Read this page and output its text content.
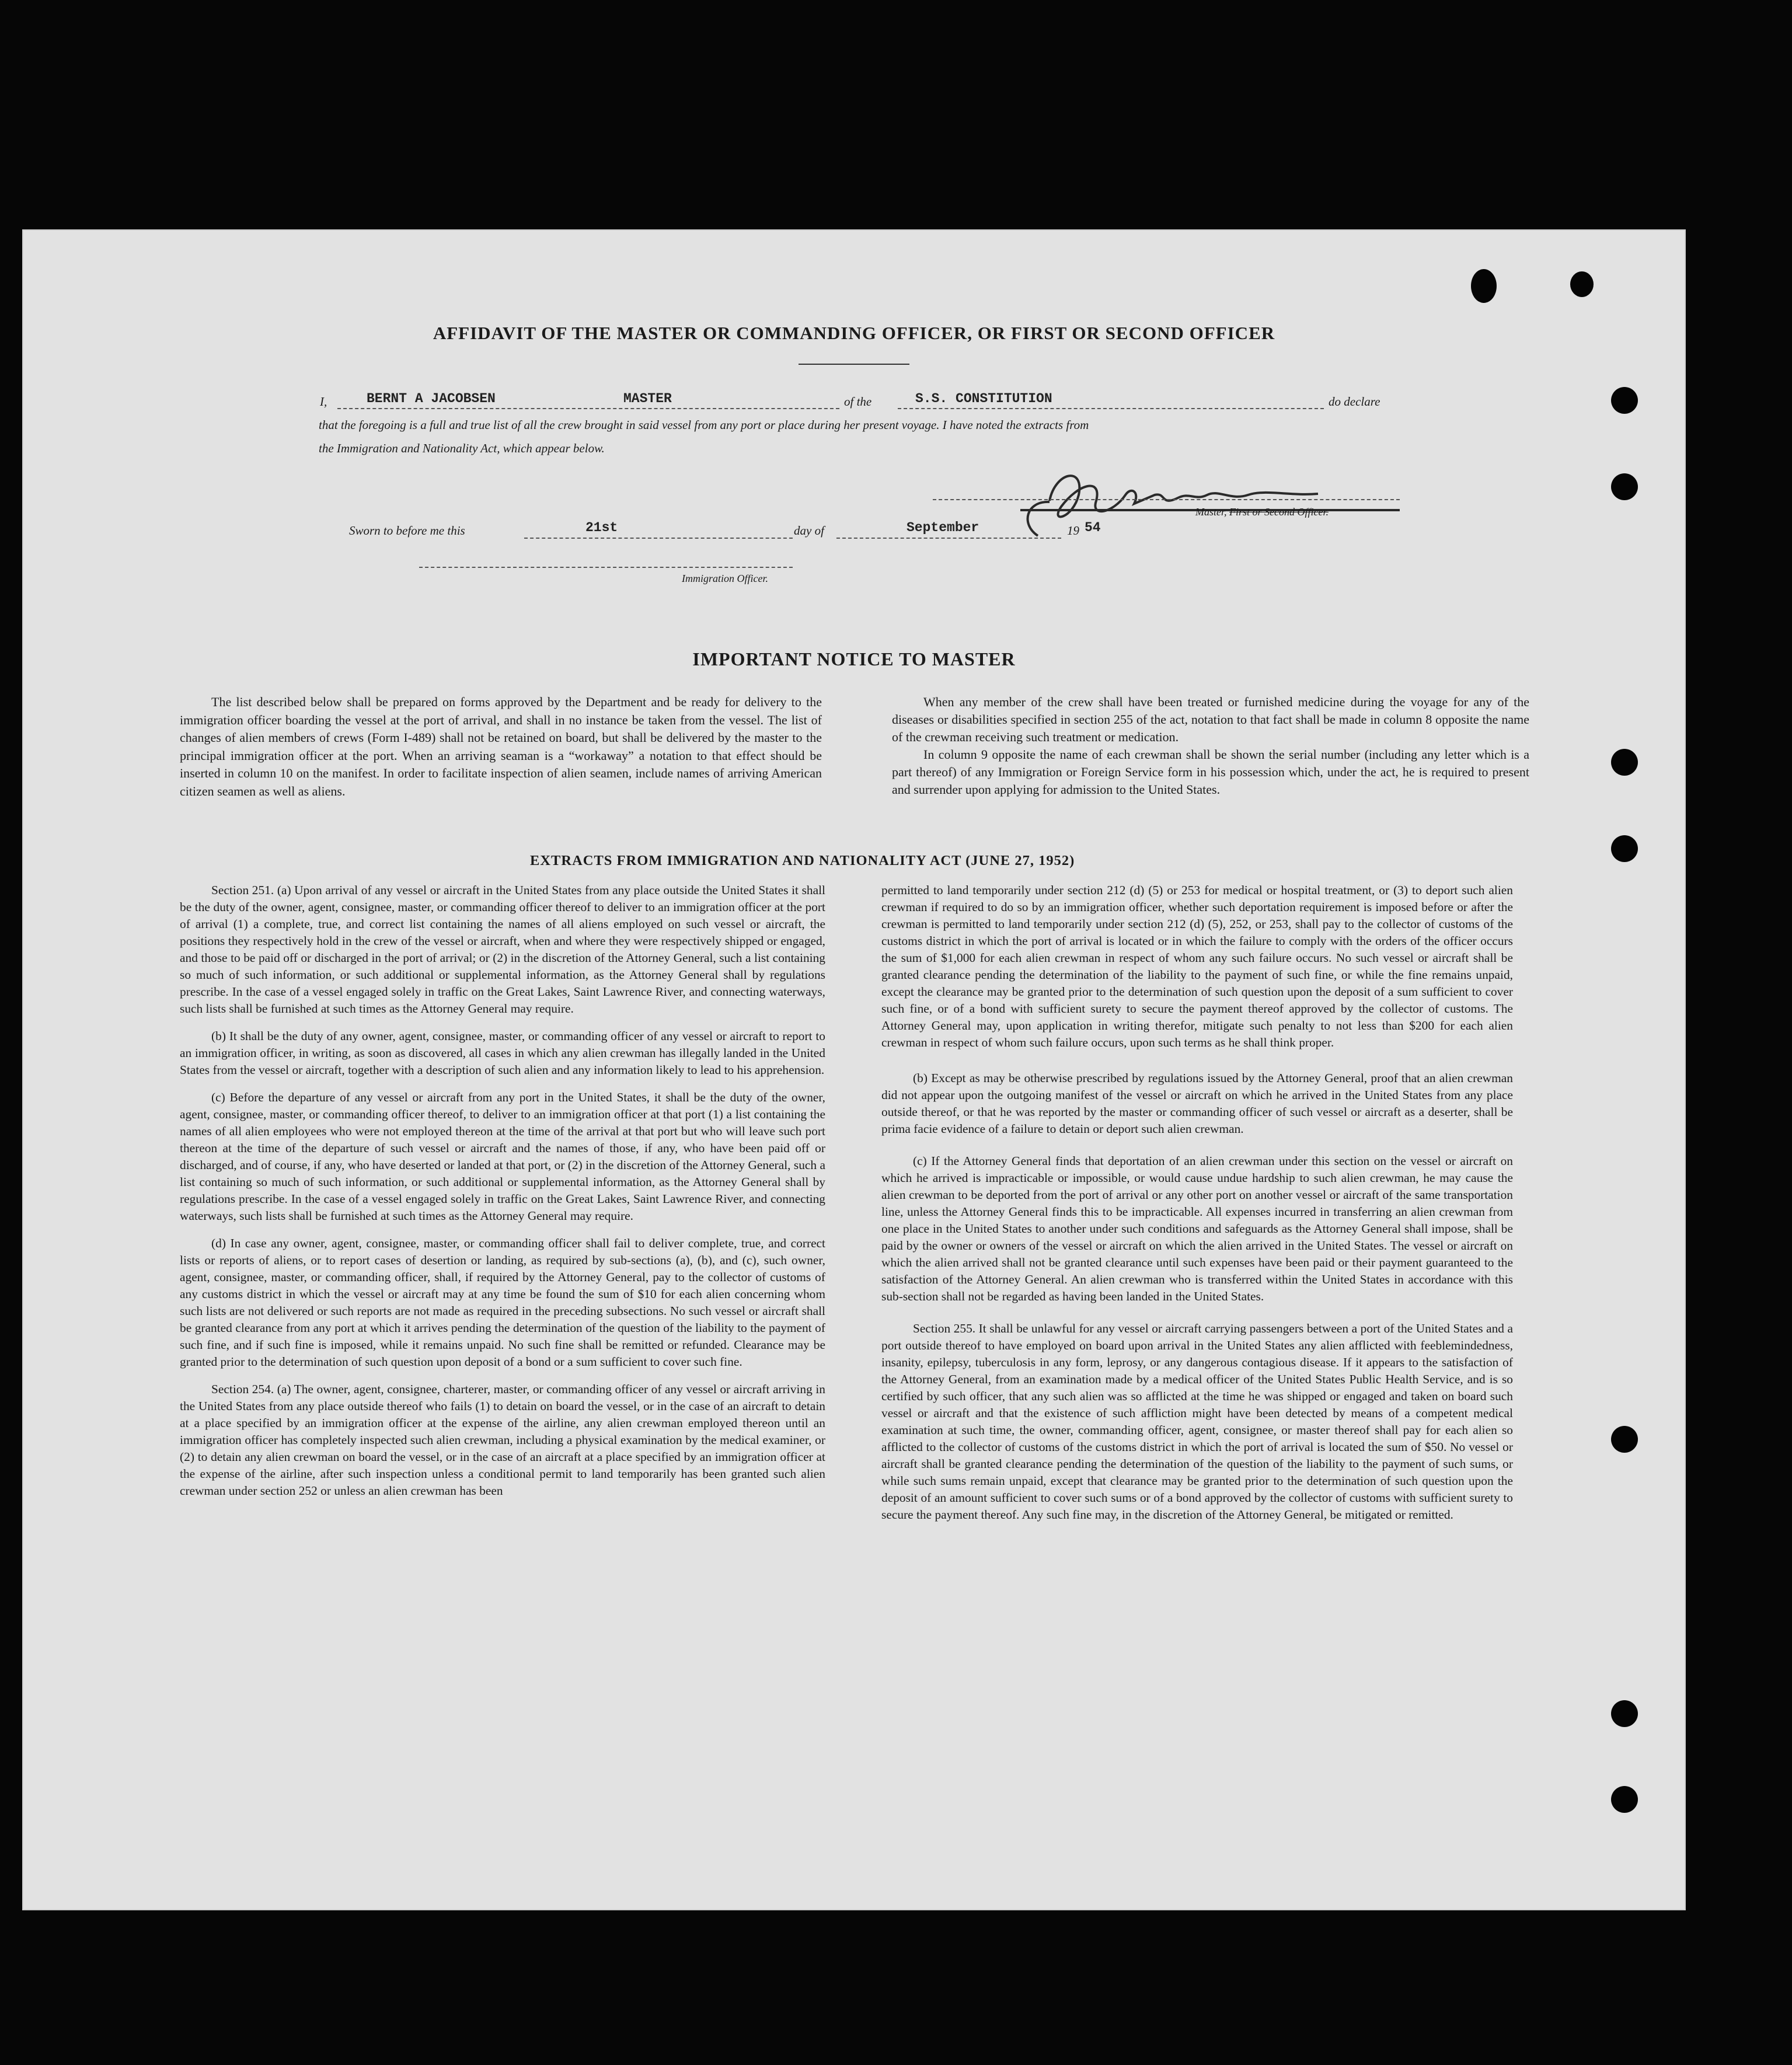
AFFIDAVIT OF THE MASTER OR COMMANDING OFFICER, OR FIRST OR SECOND OFFICER
I,	BERNT A JACOBSEN	MASTER	of the	S.S. CONSTITUTION	do declare
that the foregoing is a full and true list of all the crew brought in said vessel from any port or place during her present voyage. I have noted the extracts from
the Immigration and Nationality Act, which appear below.
Master, First or Second Officer.
Sworn to before me this	21st	day of	September	19 54
Immigration Officer.
IMPORTANT NOTICE TO MASTER

The list described below shall be prepared on forms approved by the Department and be ready for delivery to the immigration officer boarding the vessel at the port of arrival, and shall in no instance be taken from the vessel. The list of changes of alien members of crews (Form I-489) shall not be retained on board, but shall be delivered by the master to the principal immigration officer at the port. When an arriving seaman is a “workaway” a notation to that effect should be inserted in column 10 on the manifest. In order to facilitate inspection of alien seamen, include names of arriving American citizen seamen as well as aliens.

When any member of the crew shall have been treated or furnished medicine during the voyage for any of the diseases or disabilities specified in section 255 of the act, notation to that fact shall be made in column 8 opposite the name of the crewman receiving such treatment or medication.

In column 9 opposite the name of each crewman shall be shown the serial number (including any letter which is a part thereof) of any Immigration or Foreign Service form in his possession which, under the act, he is required to present and surrender upon applying for admission to the United States.

EXTRACTS FROM IMMIGRATION AND NATIONALITY ACT (JUNE 27, 1952)

Section 251. (a) Upon arrival of any vessel or aircraft in the United States from any place outside the United States it shall be the duty of the owner, agent, consignee, master, or commanding officer thereof to deliver to an immigration officer at the port of arrival (1) a complete, true, and correct list containing the names of all aliens employed on such vessel or aircraft, the positions they respectively hold in the crew of the vessel or aircraft, when and where they were respectively shipped or engaged, and those to be paid off or discharged in the port of arrival; or (2) in the discretion of the Attorney General, such a list containing so much of such information, or such additional or supplemental information, as the Attorney General shall by regulations prescribe. In the case of a vessel engaged solely in traffic on the Great Lakes, Saint Lawrence River, and connecting waterways, such lists shall be furnished at such times as the Attorney General may require.

(b) It shall be the duty of any owner, agent, consignee, master, or commanding officer of any vessel or aircraft to report to an immigration officer, in writing, as soon as discovered, all cases in which any alien crewman has illegally landed in the United States from the vessel or aircraft, together with a description of such alien and any information likely to lead to his apprehension.

(c) Before the departure of any vessel or aircraft from any port in the United States, it shall be the duty of the owner, agent, consignee, master, or commanding officer thereof, to deliver to an immigration officer at that port (1) a list containing the names of all alien employees who were not employed thereon at the time of the arrival at that port but who will leave such port thereon at the time of the departure of such vessel or aircraft and the names of those, if any, who have been paid off or discharged, and of course, if any, who have deserted or landed at that port, or (2) in the discretion of the Attorney General, such a list containing so much of such information, or such additional or supplemental information, as the Attorney General shall by regulations prescribe. In the case of a vessel engaged solely in traffic on the Great Lakes, Saint Lawrence River, and connecting waterways, such lists shall be furnished at such times as the Attorney General may require.

(d) In case any owner, agent, consignee, master, or commanding officer shall fail to deliver complete, true, and correct lists or reports of aliens, or to report cases of desertion or landing, as required by sub-sections (a), (b), and (c), such owner, agent, consignee, master, or commanding officer, shall, if required by the Attorney General, pay to the collector of customs of any customs district in which the vessel or aircraft may at any time be found the sum of $10 for each alien concerning whom such lists are not delivered or such reports are not made as required in the preceding subsections. No such vessel or aircraft shall be granted clearance from any port at which it arrives pending the determination of the question of the liability to the payment of such fine, and if such fine is imposed, while it remains unpaid. No such fine shall be remitted or refunded. Clearance may be granted prior to the determination of such question upon deposit of a bond or a sum sufficient to cover such fine.

Section 254. (a) The owner, agent, consignee, charterer, master, or commanding officer of any vessel or aircraft arriving in the United States from any place outside thereof who fails (1) to detain on board the vessel, or in the case of an aircraft to detain at a place specified by an immigration officer at the expense of the airline, any alien crewman employed thereon until an immigration officer has completely inspected such alien crewman, including a physical examination by the medical examiner, or (2) to detain any alien crewman on board the vessel, or in the case of an aircraft at a place specified by an immigration officer at the expense of the airline, after such inspection unless a conditional permit to land temporarily has been granted such alien crewman under section 252 or unless an alien crewman has been

permitted to land temporarily under section 212 (d) (5) or 253 for medical or hospital treatment, or (3) to deport such alien crewman if required to do so by an immigration officer, whether such deportation requirement is imposed before or after the crewman is permitted to land temporarily under section 212 (d) (5), 252, or 253, shall pay to the collector of customs of the customs district in which the port of arrival is located or in which the failure to comply with the orders of the officer occurs the sum of $1,000 for each alien crewman in respect of whom any such failure occurs. No such vessel or aircraft shall be granted clearance pending the determination of the liability to the payment of such fine, or while the fine remains unpaid, except the clearance may be granted prior to the determination of such question upon the deposit of a sum sufficient to cover such fine, or of a bond with sufficient surety to secure the payment thereof approved by the collector of customs. The Attorney General may, upon application in writing therefor, mitigate such penalty to not less than $200 for each alien crewman in respect of whom such failure occurs, upon such terms as he shall think proper.

(b) Except as may be otherwise prescribed by regulations issued by the Attorney General, proof that an alien crewman did not appear upon the outgoing manifest of the vessel or aircraft on which he arrived in the United States from any place outside thereof, or that he was reported by the master or commanding officer of such vessel or aircraft as a deserter, shall be prima facie evidence of a failure to detain or deport such alien crewman.

(c) If the Attorney General finds that deportation of an alien crewman under this section on the vessel or aircraft on which he arrived is impracticable or impossible, or would cause undue hardship to such alien crewman, he may cause the alien crewman to be deported from the port of arrival or any other port on another vessel or aircraft of the same transportation line, unless the Attorney General finds this to be impracticable. All expenses incurred in transferring an alien crewman from one place in the United States to another under such conditions and safeguards as the Attorney General shall impose, shall be paid by the owner or owners of the vessel or aircraft on which the alien arrived in the United States. The vessel or aircraft on which the alien arrived shall not be granted clearance until such expenses have been paid or their payment guaranteed to the satisfaction of the Attorney General. An alien crewman who is transferred within the United States in accordance with this sub-section shall not be regarded as having been landed in the United States.

Section 255. It shall be unlawful for any vessel or aircraft carrying passengers between a port of the United States and a port outside thereof to have employed on board upon arrival in the United States any alien afflicted with feeblemindedness, insanity, epilepsy, tuberculosis in any form, leprosy, or any dangerous contagious disease. If it appears to the satisfaction of the Attorney General, from an examination made by a medical officer of the United States Public Health Service, and is so certified by such officer, that any such alien was so afflicted at the time he was shipped or engaged and taken on board such vessel or aircraft and that the existence of such affliction might have been detected by means of a competent medical examination at such time, the owner, commanding officer, agent, consignee, or master thereof shall pay for each alien so afflicted to the collector of customs of the customs district in which the port of arrival is located the sum of $50. No vessel or aircraft shall be granted clearance pending the determination of the question of the liability to the payment of such sums, or while such sums remain unpaid, except that clearance may be granted prior to the determination of such question upon the deposit of an amount sufficient to cover such sums or of a bond approved by the collector of customs with sufficient surety to secure the payment thereof. Any such fine may, in the discretion of the Attorney General, be mitigated or remitted.
